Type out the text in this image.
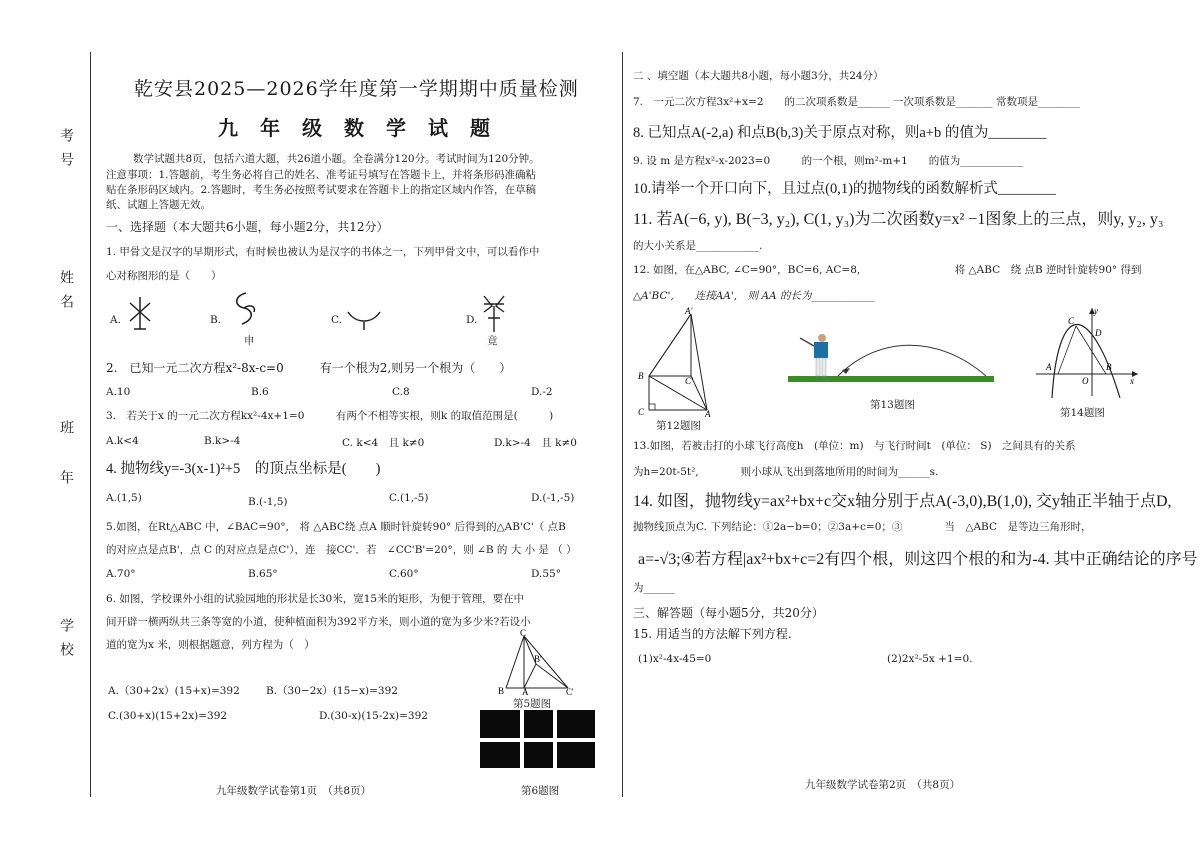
考号
姓名
班
年
学校
乾安县2025—2026学年度第一学期期中质量检测
九年级数学试题
数学试题共8页，包括六道大题，共26道小题。全卷满分120分。考试时间为120分钟。
注意事项：1.答题前，考生务必将自己的姓名、准考证号填写在答题卡上，并将条形码准确粘
贴在条形码区域内。2.答题时，考生务必按照考试要求在答题卡上的指定区域内作答，在草稿
纸、试题上答题无效。
一、选择题（本大题共6小题，每小题2分，共12分）
1. 甲骨文是汉字的早期形式，有时候也被认为是汉字的书体之一，下列甲骨文中，可以看作中
心对称图形的是（　　）
A.	B.
申
C.	D.
竟
2.　已知一元二次方程x²-8x-c=0　　　有一个根为2,则另一个根为（　　）
A.10	B.6	C.8	D.-2
3.　若关于x 的一元二次方程kx²-4x+1=0　　　有两个不相等实根，则k 的取值范围是(　　　)
A.k<4	B.k>-4	C. k<4　且 k≠0	D.k>-4　且 k≠0
4. 抛物线y=-3(x-1)²+5　的顶点坐标是(　　)
A.(1,5)	B.(-1,5)	C.(1,-5)	D.(-1,-5)
5.如图，在Rt△ABC 中，∠BAC=90°,　将 △ABC绕 点A 顺时针旋转90° 后得到的△AB'C'（ 点B
的对应点是点B'，点 C 的对应点是点C'），连　接CC'．若　∠CC'B'=20°，则 ∠B 的 大 小 是 （ ）
A.70°	B.65°	C.60°	D.55°
6. 如图，学校课外小组的试验园地的形状是长30米，宽15米的矩形，为便于管理，要在中
间开辟一横两纵共三条等宽的小道，使种植面积为392平方米，则小道的宽为多少米?若设小
道的宽为x 米，则根据题意，列方程为（　）
A.（30+2x）(15+x)=392 B.（30−2x）(15−x)=392
C.(30+x)(15+2x)=392	D.(30-x)(15-2x)=392
C
B'
B A	C'
第5题图
第6题图
九年级数学试卷第1页　（共8页）
二 、填空题（本大题共8小题，每小题3分，共24分）
7.　一元二次方程3x²+x=2　　的二次项系数是______ 一次项系数是_______ 常数项是________
8. 已知点A(-2,a) 和点B(b,3)关于原点对称，则a+b 的值为________
9. 设 m 是方程x²-x-2023=0　　　的一个根，则m²-m+1　　的值为____________
10.请举一个开口向下，且过点(0,1)的抛物线的函数解析式________
11. 若A(−6, y), B(−3, y₂), C(1, y₃)为二次函数y=x² −1图象上的三点，则y, y₂, y₃
的大小关系是____________.
12. 如图，在△ABC, ∠C=90°，BC=6, AC=8,　　　　　　　　　将 △ABC　绕 点B 逆时针旋转90° 得到
△A'BC',　　连接AA',　则 AA 的长为____________
A'
B	C'
C	A
第12题图
第13题图
y
C
D
A
O
B
x
第14题图
13.如图，若被击打的小球飞行高度h　(单位：m)　与飞行时间t　(单位： S)　之间具有的关系
为h=20t-5t²,　　　　则小球从飞出到落地所用的时间为______s.
14. 如图，抛物线y=ax²+bx+c交x轴分别于点A(-3,0),B(1,0), 交y轴正半轴于点D,
抛物线顶点为C. 下列结论：①2a−b=0；②3a+c=0；③　　　　当　△ABC　是等边三角形时，
a=-√3;④若方程|ax²+bx+c=2有四个根，则这四个根的和为-4. 其中正确结论的序号
为______
三、解答题（每小题5分，共20分）
15. 用适当的方法解下列方程.
(1)x²-4x-45=0	(2)2x²-5x +1=0.
九年级数学试卷第2页　（共8页）
